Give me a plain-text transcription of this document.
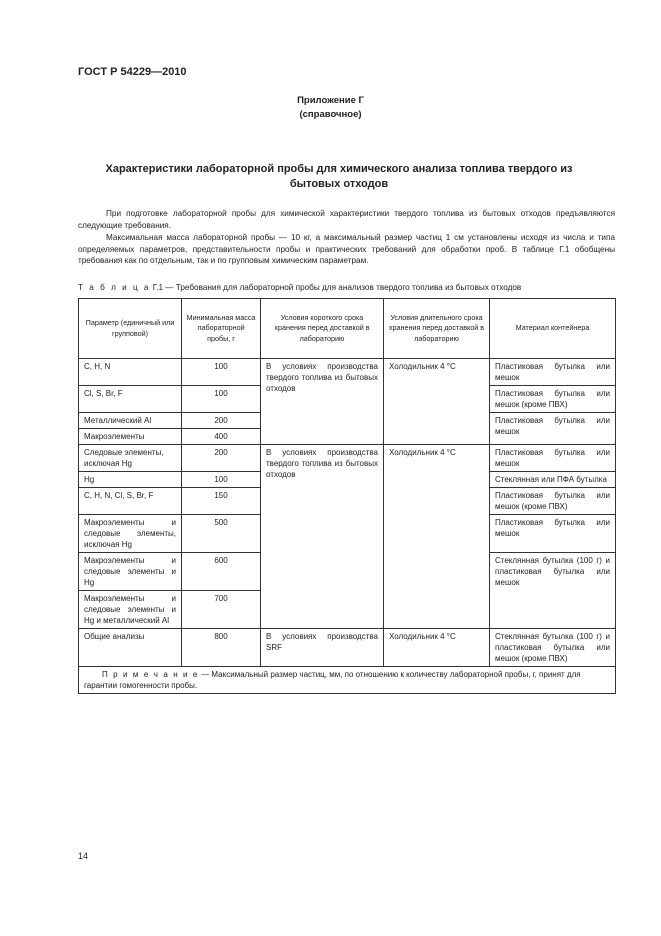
ГОСТ Р 54229—2010
Приложение Г
(справочное)
Характеристики лабораторной пробы для химического анализа топлива твердого из бытовых отходов
При подготовке лабораторной пробы для химической характеристики твердого топлива из бытовых отходов предъявляются следующие требования.
Максимальная масса лабораторной пробы — 10 кг, а максимальный размер частиц 1 см установлены исходя из числа и типа определяемых параметров, представительности пробы и практических требований для обработки проб. В таблице Г.1 обобщены требования как по отдельным, так и по групповым химическим параметрам.
Т а б л и ц а Г.1 — Требования для лабораторной пробы для анализов твердого топлива из бытовых отходов
Параметр (единичный или групповой)	Минимальная масса лабораторной пробы, г	Условия короткого срока хранения перед доставкой в лабораторию	Условия длительного срока хранения перед доставкой в лабораторию	Материал контейнера
C, H, N	100	В условиях производства твердого топлива из бытовых отходов	Холодильник 4 °C	Пластиковая бутылка или мешок
Cl, S, Br, F	100			Пластиковая бутылка или мешок (кроме ПВХ)
Металлический Al	200			Пластиковая бутылка или мешок
Макроэлементы	400			
Следовые элементы, исключая Hg	200	В условиях производства твердого топлива из бытовых отходов	Холодильник 4 °C	Пластиковая бутылка или мешок
Hg	100			Стеклянная или ПФА бутылка
C, H, N, Cl, S, Br, F	150			Пластиковая бутылка или мешок (кроме ПВХ)
Макроэлементы и следовые элементы, исключая Hg	500			Пластиковая бутылка или мешок
Макроэлементы и следовые элементы и Hg	600			Стеклянная бутылка (100 г) и пластиковая бутылка или мешок
Макроэлементы и следовые элементы и Hg и металлический Al	700			
Общие анализы	800	В условиях производства SRF	Холодильник 4 °C	Стеклянная бутылка (100 г) и пластиковая бутылка или мешок (кроме ПВХ)
П р и м е ч а н и е — Максимальный размер частиц, мм, по отношению к количеству лабораторной пробы, г, принят для гарантии гомогенности пробы.				
14
